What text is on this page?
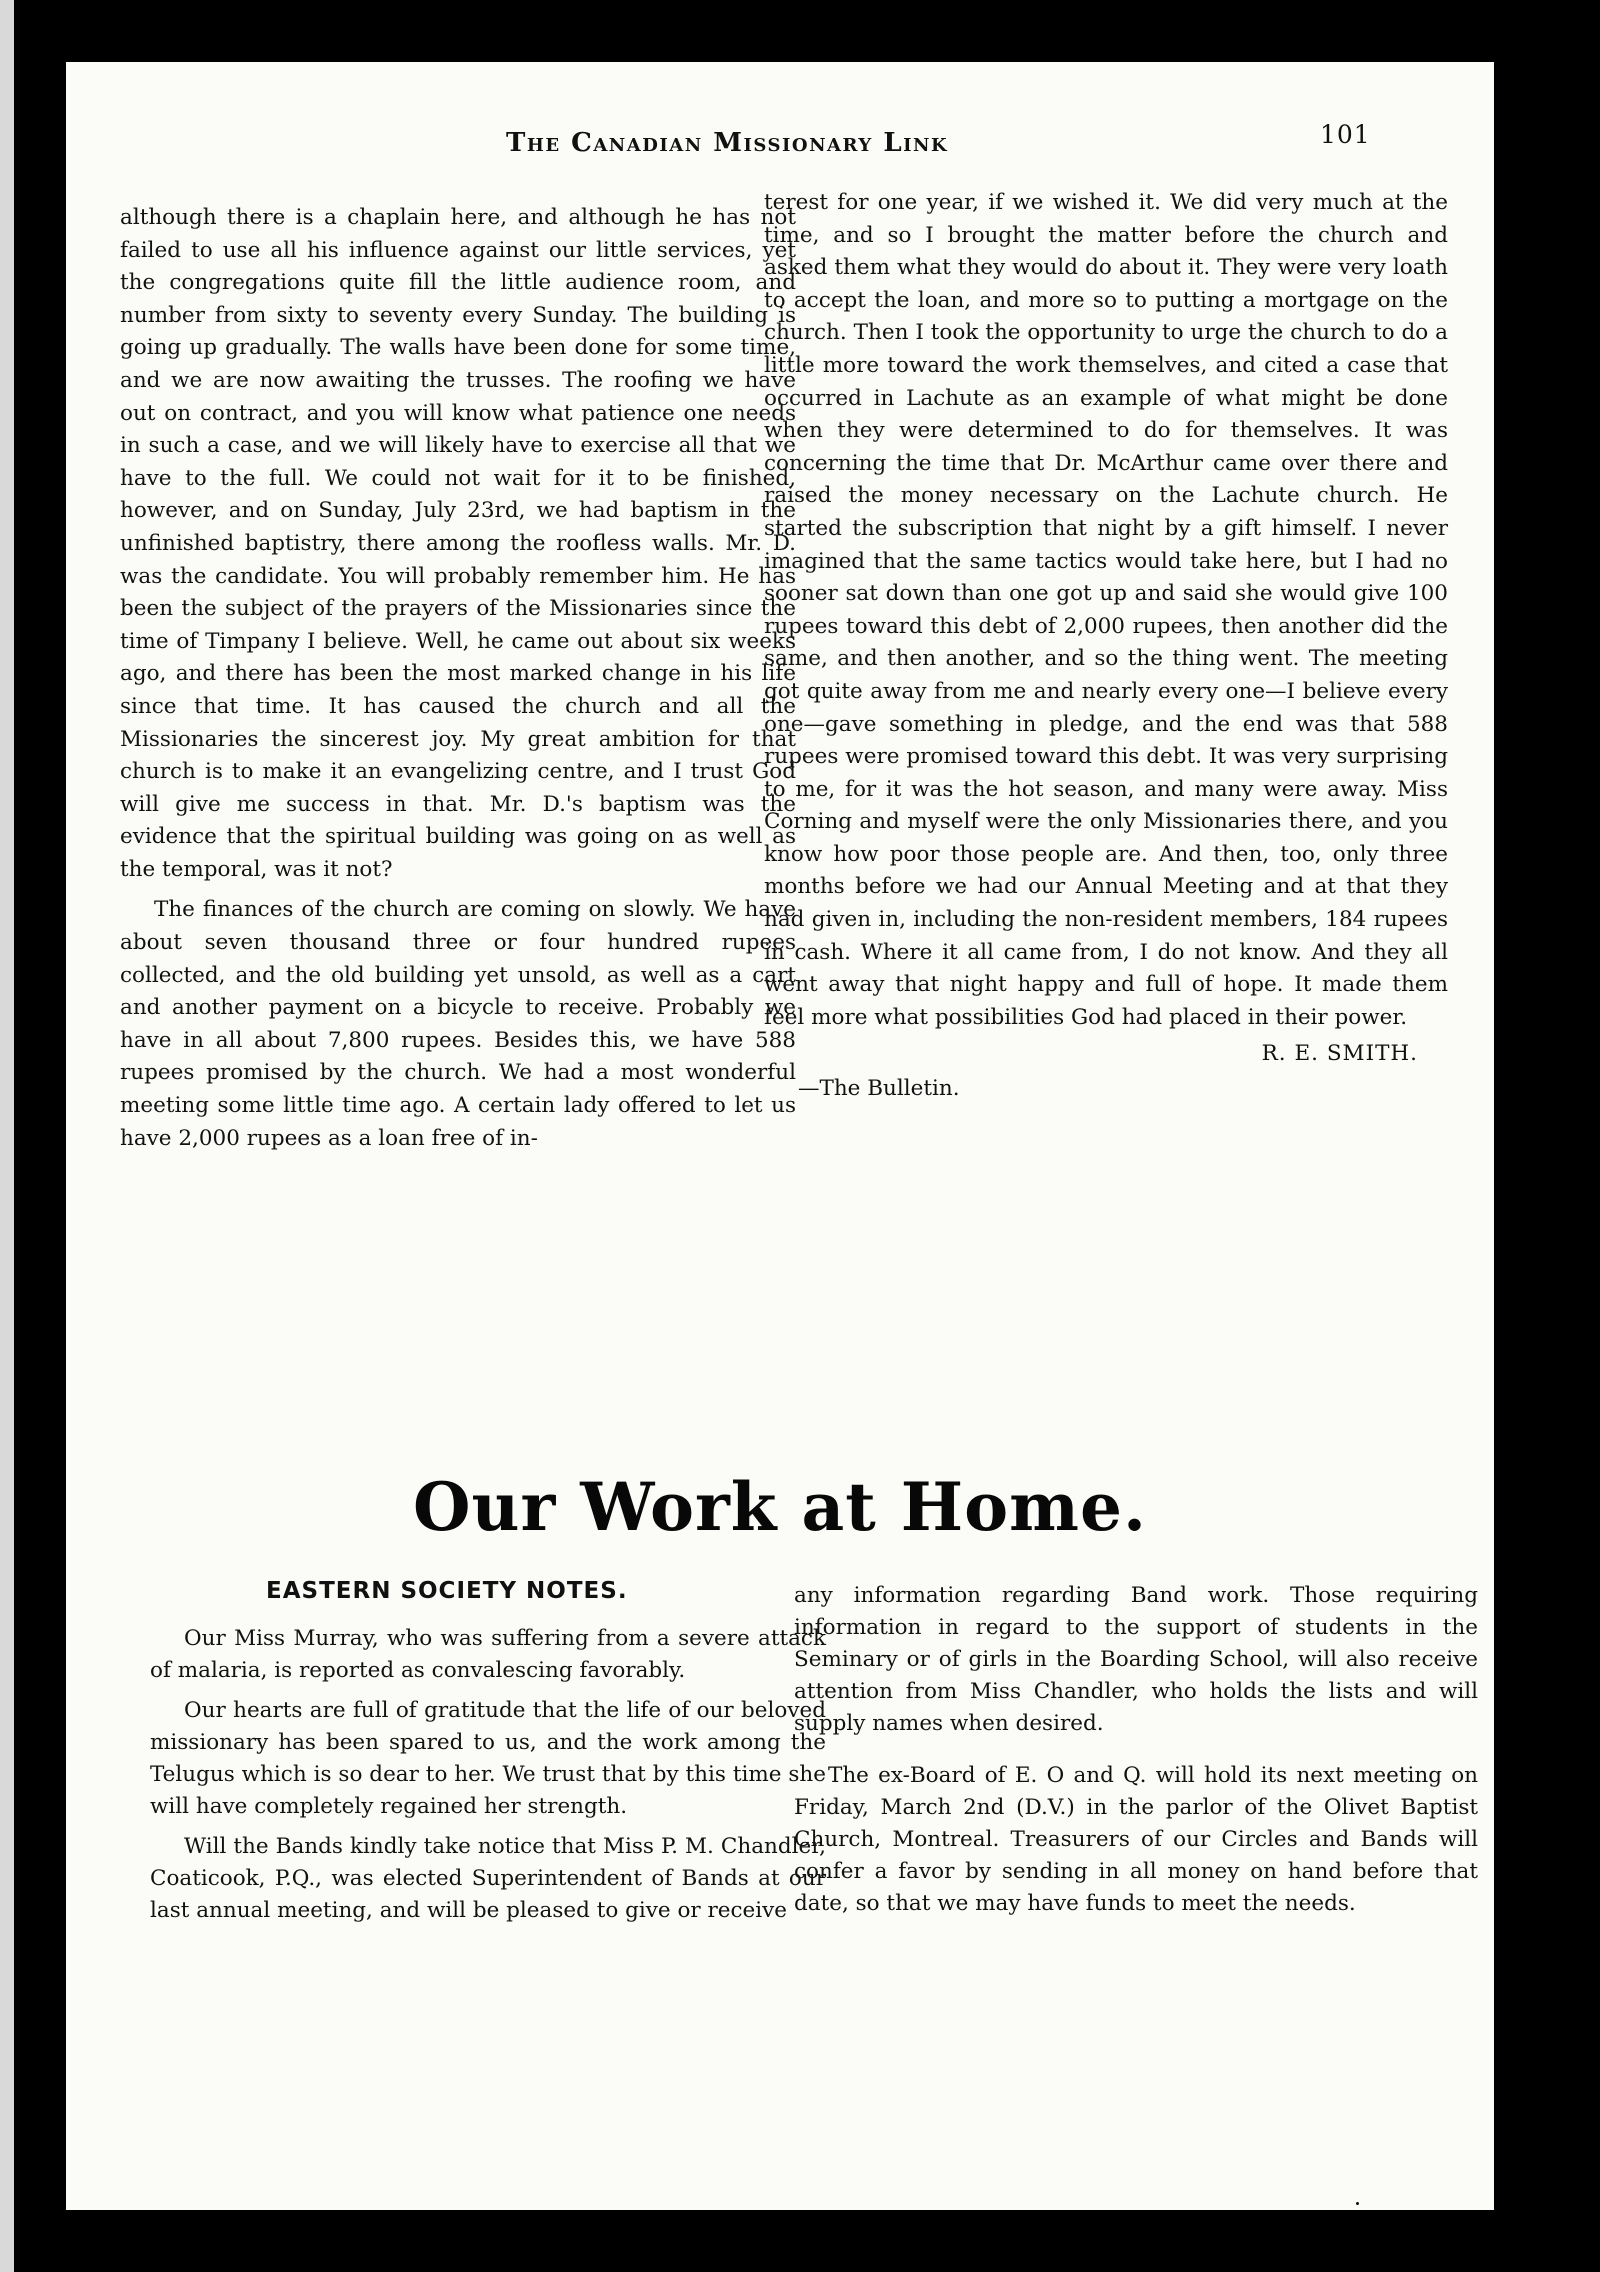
The Canadian Missionary Link	101

although there is a chaplain here, and although he has not failed to use all his influence against our little services, yet the congregations quite fill the little audience room, and number from sixty to seventy every Sunday. The building is going up gradually. The walls have been done for some time, and we are now awaiting the trusses. The roofing we have out on contract, and you will know what patience one needs in such a case, and we will likely have to exercise all that we have to the full. We could not wait for it to be finished, however, and on Sunday, July 23rd, we had baptism in the unfinished baptistry, there among the roofless walls. Mr. D. was the candidate. You will probably remember him. He has been the subject of the prayers of the Missionaries since the time of Timpany I believe. Well, he came out about six weeks ago, and there has been the most marked change in his life since that time. It has caused the church and all the Missionaries the sincerest joy. My great ambition for that church is to make it an evangelizing centre, and I trust God will give me success in that. Mr. D.'s baptism was the evidence that the spiritual building was going on as well as the temporal, was it not?

The finances of the church are coming on slowly. We have about seven thousand three or four hundred rupees collected, and the old building yet unsold, as well as a cart and another payment on a bicycle to receive. Probably we have in all about 7,800 rupees. Besides this, we have 588 rupees promised by the church. We had a most wonderful meeting some little time ago. A certain lady offered to let us have 2,000 rupees as a loan free of in-

terest for one year, if we wished it. We did very much at the time, and so I brought the matter before the church and asked them what they would do about it. They were very loath to accept the loan, and more so to putting a mortgage on the church. Then I took the opportunity to urge the church to do a little more toward the work themselves, and cited a case that occurred in Lachute as an example of what might be done when they were determined to do for themselves. It was concerning the time that Dr. McArthur came over there and raised the money necessary on the Lachute church. He started the subscription that night by a gift himself. I never imagined that the same tactics would take here, but I had no sooner sat down than one got up and said she would give 100 rupees toward this debt of 2,000 rupees, then another did the same, and then another, and so the thing went. The meeting got quite away from me and nearly every one—I believe every one—gave something in pledge, and the end was that 588 rupees were promised toward this debt. It was very surprising to me, for it was the hot season, and many were away. Miss Corning and myself were the only Missionaries there, and you know how poor those people are. And then, too, only three months before we had our Annual Meeting and at that they had given in, including the non-resident members, 184 rupees in cash. Where it all came from, I do not know. And they all went away that night happy and full of hope. It made them feel more what possibilities God had placed in their power.

R. E. SMITH.
—The Bulletin.
Our Work at Home.
EASTERN SOCIETY NOTES.

Our Miss Murray, who was suffering from a severe attack of malaria, is reported as convalescing favorably.

Our hearts are full of gratitude that the life of our beloved missionary has been spared to us, and the work among the Telugus which is so dear to her. We trust that by this time she will have completely regained her strength.

Will the Bands kindly take notice that Miss P. M. Chandler, Coaticook, P.Q., was elected Superintendent of Bands at our last annual meeting, and will be pleased to give or receive

any information regarding Band work. Those requiring information in regard to the support of students in the Seminary or of girls in the Boarding School, will also receive attention from Miss Chandler, who holds the lists and will supply names when desired.

The ex-Board of E. O and Q. will hold its next meeting on Friday, March 2nd (D.V.) in the parlor of the Olivet Baptist Church, Montreal. Treasurers of our Circles and Bands will confer a favor by sending in all money on hand before that date, so that we may have funds to meet the needs.
